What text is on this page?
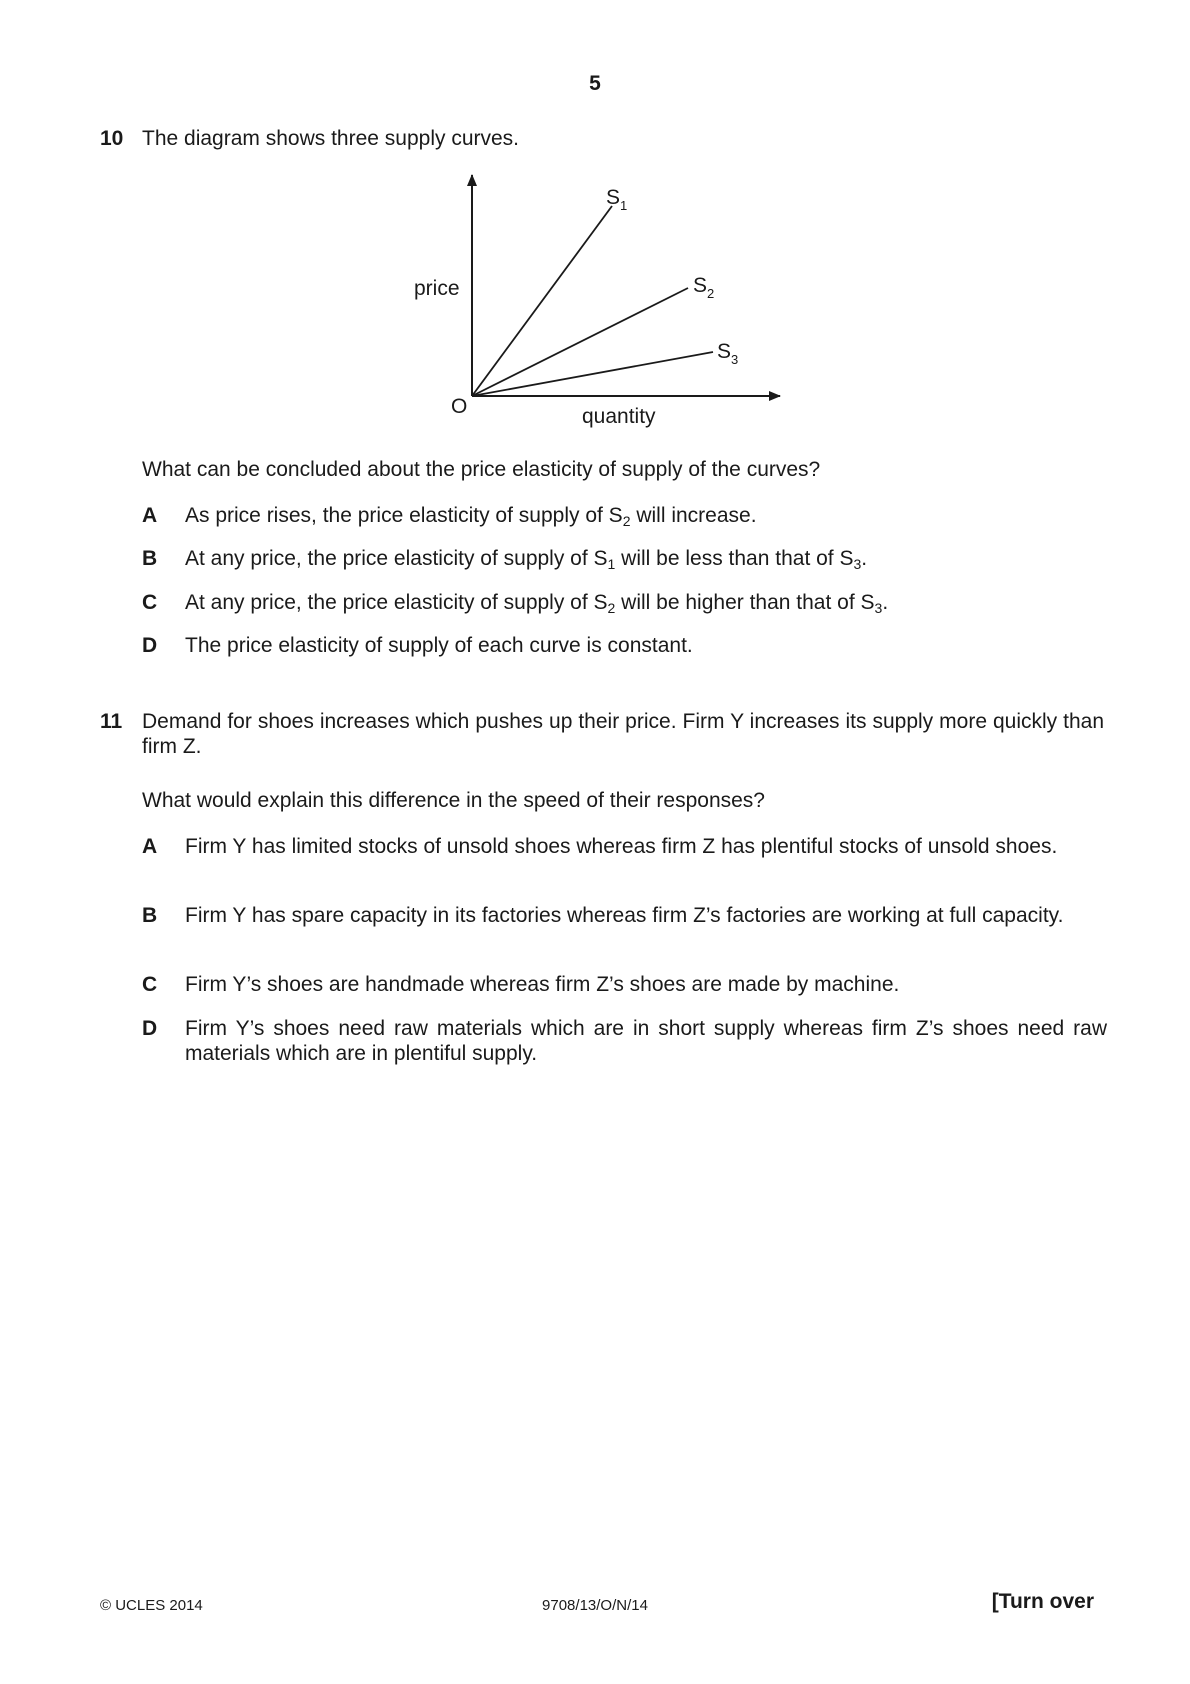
5
10 The diagram shows three supply curves.
price
quantity
O
$S_1$
$S_2$
$S_3$
What can be concluded about the price elasticity of supply of the curves?
A As price rises, the price elasticity of supply of $S_2$ will increase.
B At any price, the price elasticity of supply of $S_1$ will be less than that of $S_3$.
C At any price, the price elasticity of supply of $S_2$ will be higher than that of $S_3$.
D The price elasticity of supply of each curve is constant.
11 Demand for shoes increases which pushes up their price. Firm Y increases its supply more quickly than firm Z.
What would explain this difference in the speed of their responses?
A Firm Y has limited stocks of unsold shoes whereas firm Z has plentiful stocks of unsold shoes.
B Firm Y has spare capacity in its factories whereas firm Z’s factories are working at full capacity.
C Firm Y’s shoes are handmade whereas firm Z’s shoes are made by machine.
D Firm Y’s shoes need raw materials which are in short supply whereas firm Z’s shoes need raw materials which are in plentiful supply.
© UCLES 2014	9708/13/O/N/14	[Turn over
